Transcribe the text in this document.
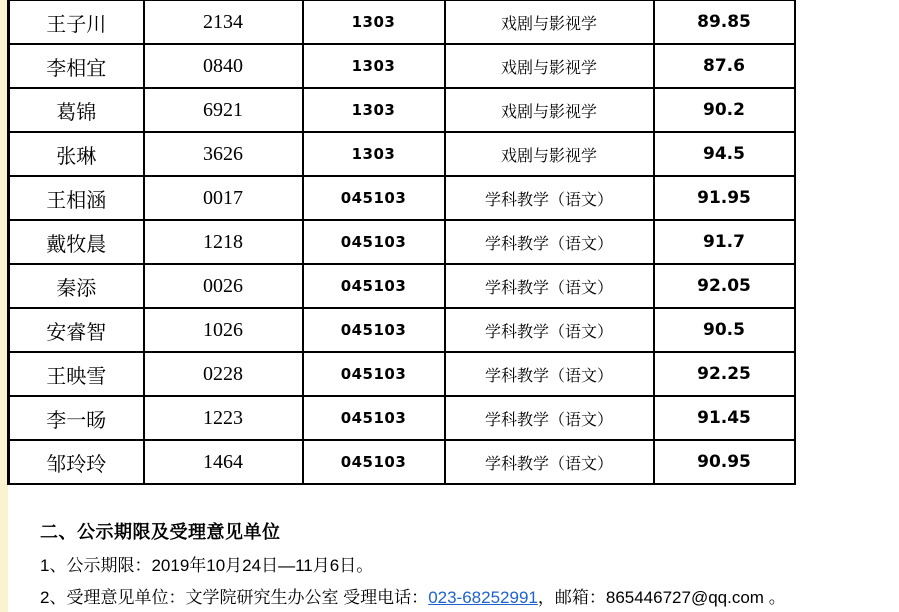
王子川	2134	1303	戏剧与影视学	89.85
李相宜	0840	1303	戏剧与影视学	87.6
葛锦	6921	1303	戏剧与影视学	90.2
张琳	3626	1303	戏剧与影视学	94.5
王相涵	0017	045103	学科教学（语文）	91.95
戴牧晨	1218	045103	学科教学（语文）	91.7
秦添	0026	045103	学科教学（语文）	92.05
安睿智	1026	045103	学科教学（语文）	90.5
王映雪	0228	045103	学科教学（语文）	92.25
李一旸	1223	045103	学科教学（语文）	91.45
邹玲玲	1464	045103	学科教学（语文）	90.95
二、公示期限及受理意见单位
1、公示期限：2019年10月24日—11月6日。
2、受理意见单位：文学院研究生办公室 受理电话：023-68252991，邮箱：865446727@qq.com 。
